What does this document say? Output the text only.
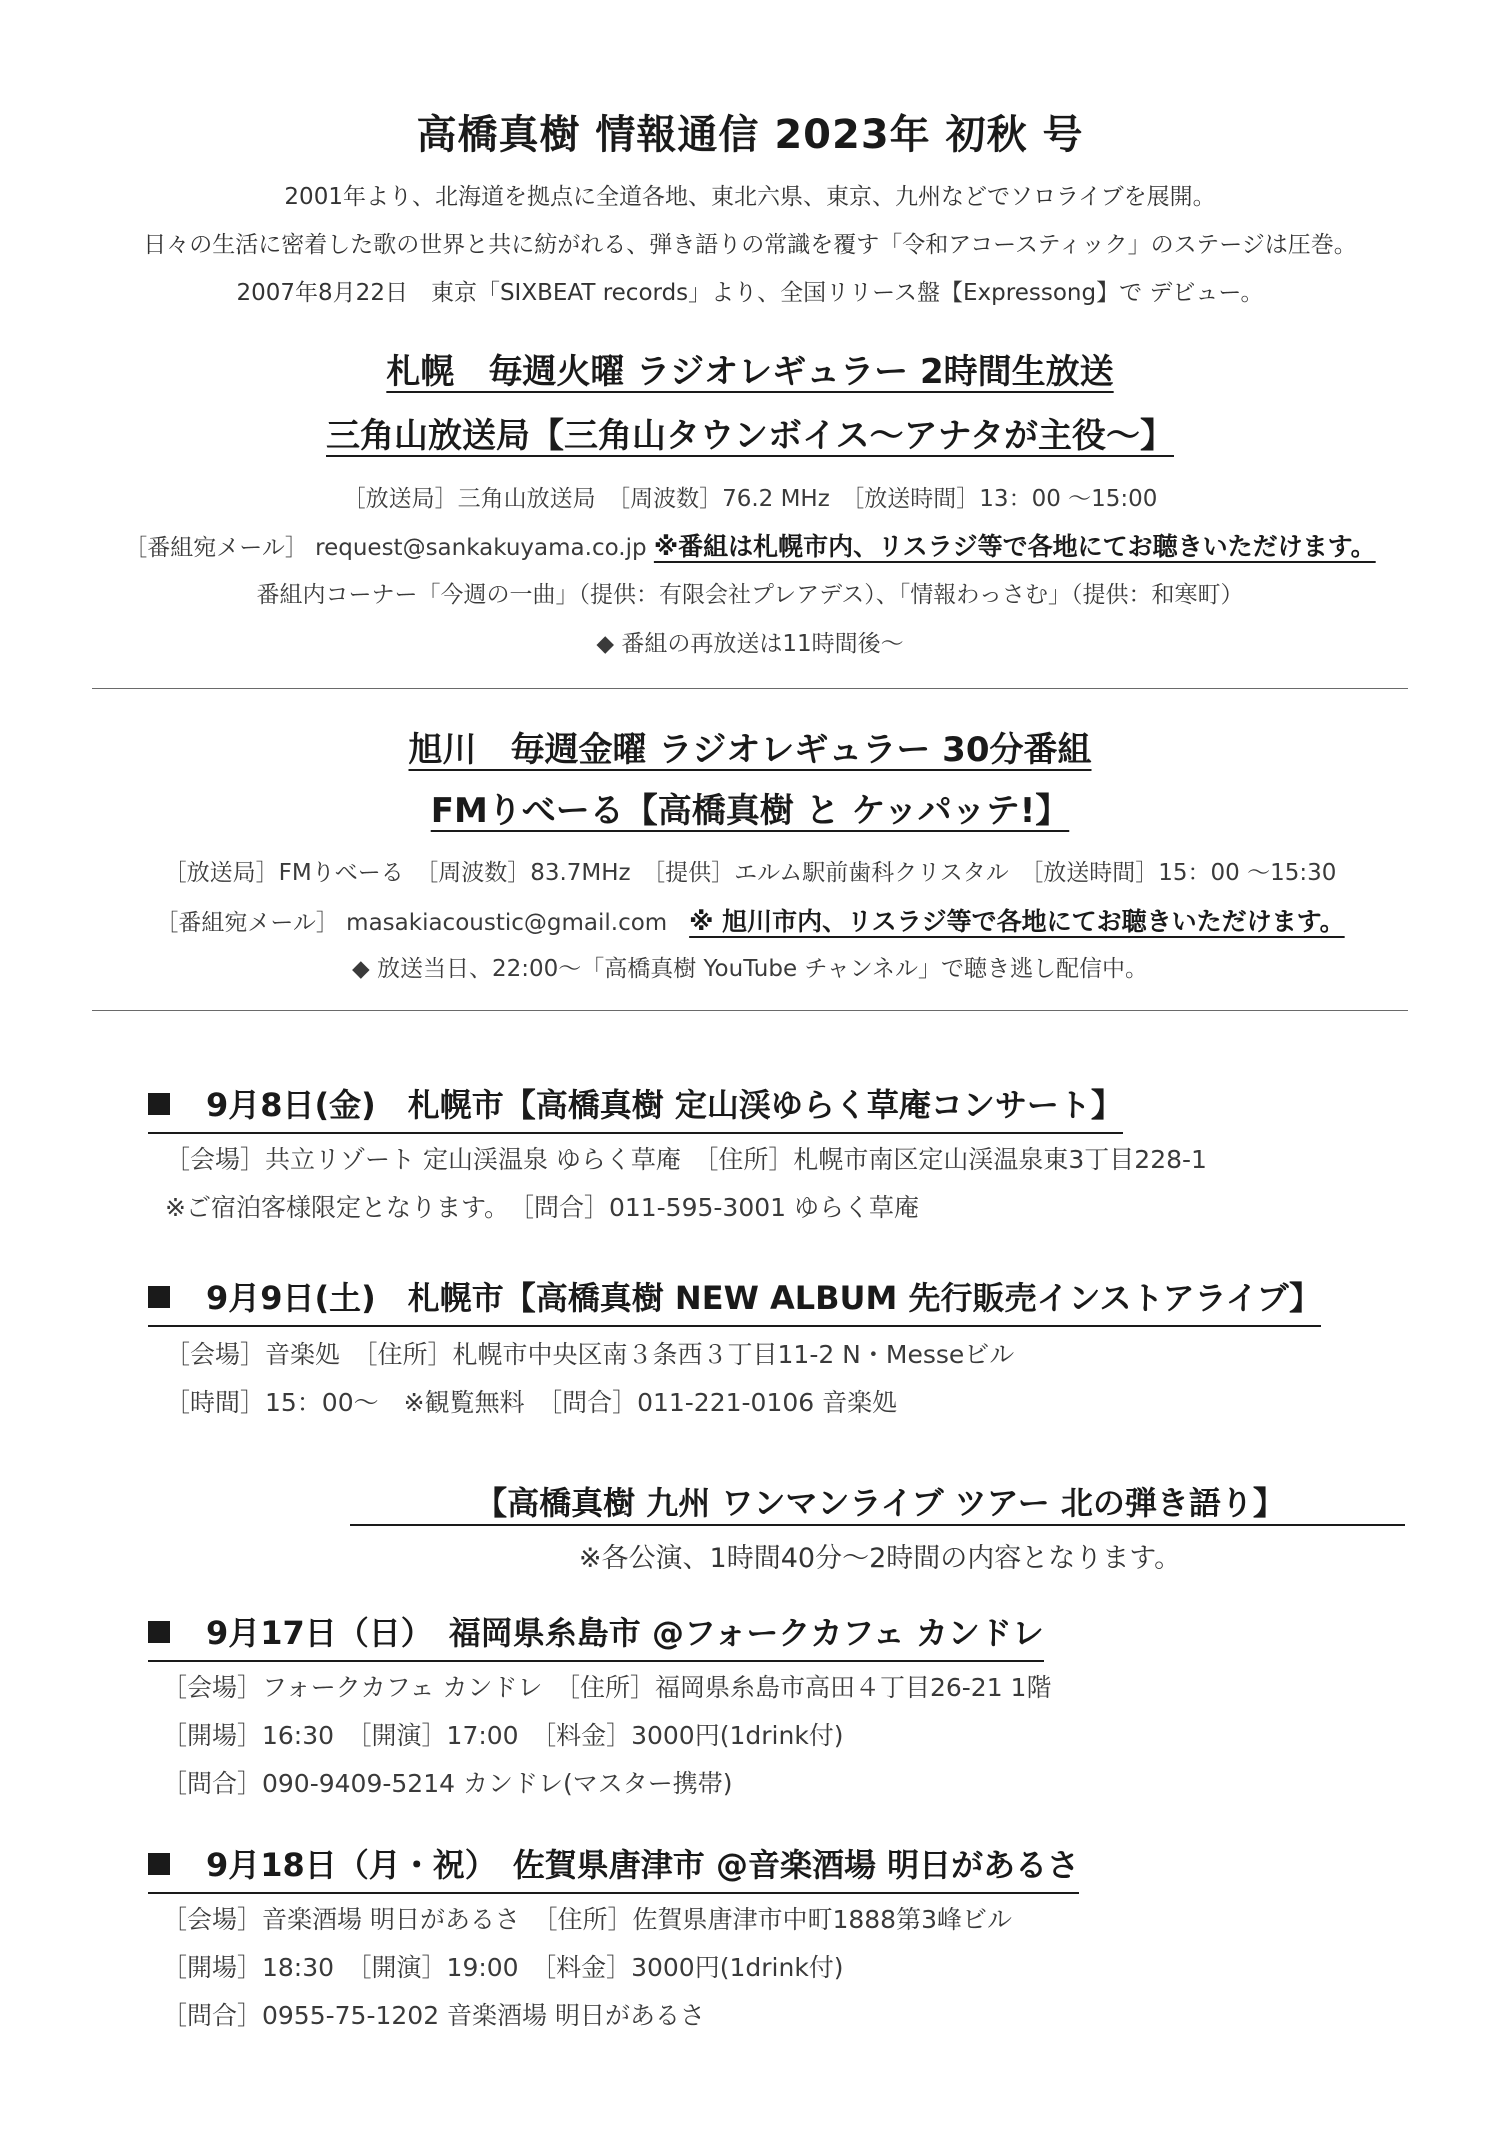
高橋真樹 情報通信 2023年 初秋 号
2001年より、北海道を拠点に全道各地、東北六県、東京、九州などでソロライブを展開。
日々の生活に密着した歌の世界と共に紡がれる、弾き語りの常識を覆す「令和アコースティック」のステージは圧巻。
2007年8月22日　東京「SIXBEAT records」より、全国リリース盤【Expressong】で デビュー。
札幌　毎週火曜 ラジオレギュラー 2時間生放送
三角山放送局【三角山タウンボイス〜アナタが主役〜】
［放送局］三角山放送局　［周波数］76.2 MHz　［放送時間］13：00 〜15:00
［番組宛メール］ request@sankakuyama.co.jp ※番組は札幌市内、リスラジ等で各地にてお聴きいただけます。
番組内コーナー「今週の一曲」（提供：有限会社プレアデス）、「情報わっさむ」（提供：和寒町）
◆ 番組の再放送は11時間後〜
旭川　毎週金曜 ラジオレギュラー 30分番組
FMりべーる【高橋真樹 と ケッパッテ!】
［放送局］FMりべーる　［周波数］83.7MHz　［提供］エルム駅前歯科クリスタル　［放送時間］15：00 〜15:30
［番組宛メール］ masakiacoustic@gmail.com ※ 旭川市内、リスラジ等で各地にてお聴きいただけます。
◆ 放送当日、22:00〜「高橋真樹 YouTube チャンネル」で聴き逃し配信中。
9月8日(金)　札幌市【高橋真樹 定山渓ゆらく草庵コンサート】
［会場］共立リゾート 定山渓温泉 ゆらく草庵　［住所］札幌市南区定山渓温泉東3丁目228-1
※ご宿泊客様限定となります。　［問合］011-595-3001 ゆらく草庵
9月9日(土)　札幌市【高橋真樹 NEW ALBUM 先行販売インストアライブ】
［会場］音楽処　［住所］札幌市中央区南３条西３丁目11-2 N・Messeビル
［時間］15：00〜　※観覧無料　［問合］011-221-0106 音楽処
【高橋真樹 九州 ワンマンライブ ツアー 北の弾き語り】
※各公演、1時間40分〜2時間の内容となります。
9月17日（日）　福岡県糸島市 @フォークカフェ カンドレ
［会場］フォークカフェ カンドレ　［住所］福岡県糸島市高田４丁目26-21 1階
［開場］16:30　［開演］17:00　［料金］3000円(1drink付)
［問合］090-9409-5214 カンドレ(マスター携帯)
9月18日（月・祝）　佐賀県唐津市 @音楽酒場 明日があるさ
［会場］音楽酒場 明日があるさ　［住所］佐賀県唐津市中町1888第3峰ビル
［開場］18:30　［開演］19:00　［料金］3000円(1drink付)
［問合］0955-75-1202 音楽酒場 明日があるさ
